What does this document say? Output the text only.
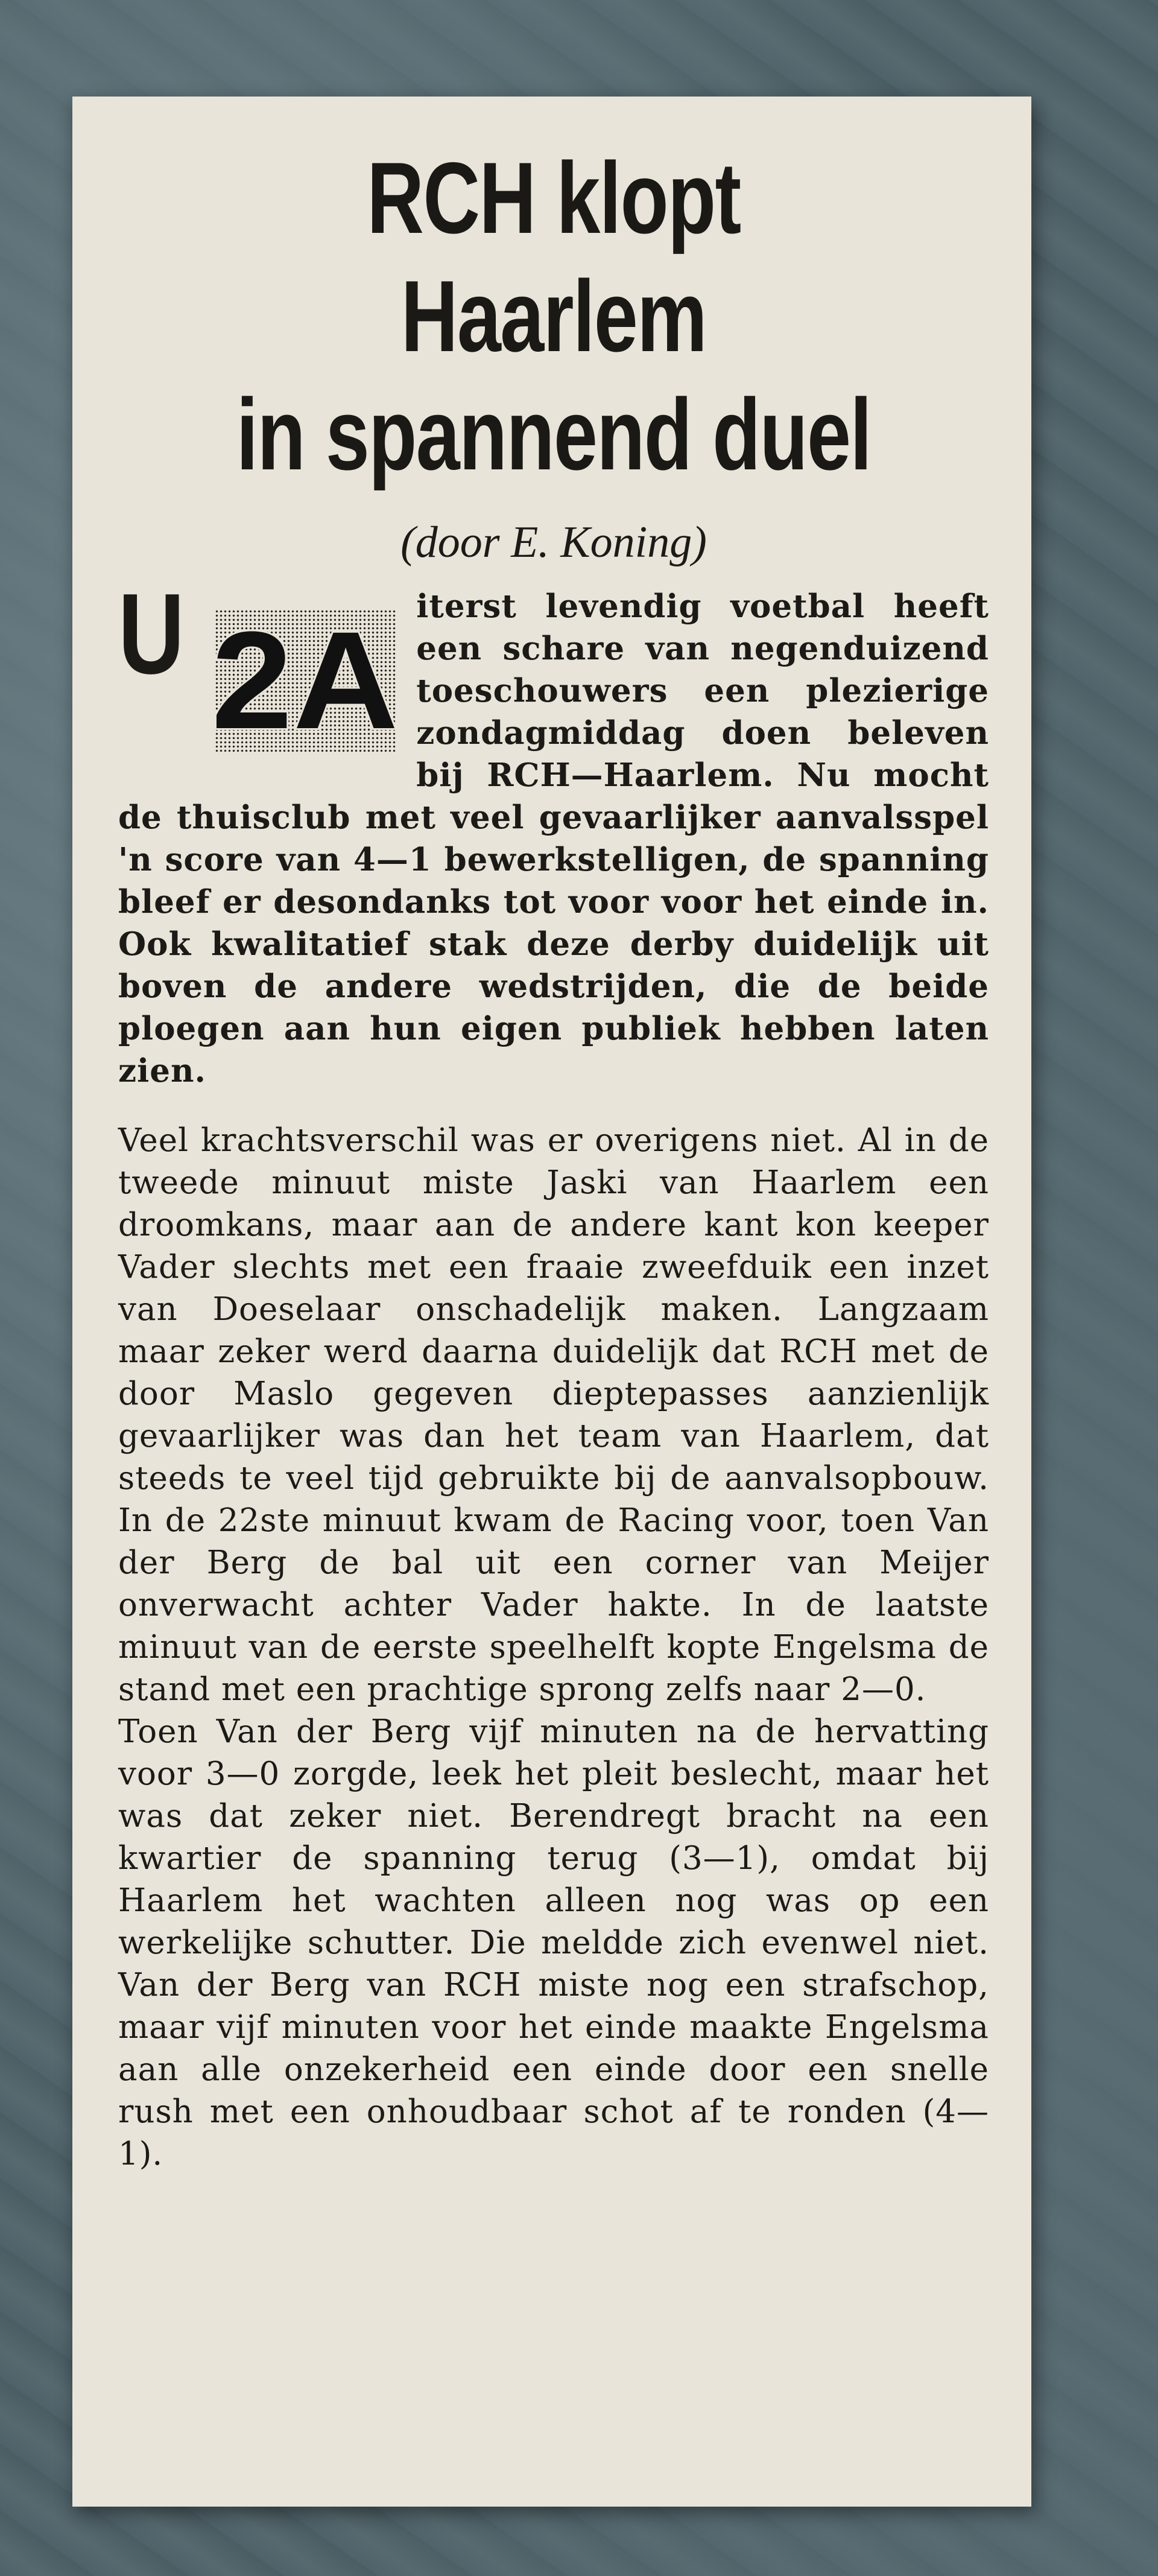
RCH klopt Haarlem
in spannend duel
(door E. Koning)

U 2A iterst levendig voetbal heeft een schare van negenduizend toeschouwers een plezierige zondagmiddag doen beleven bij RCH—Haarlem. Nu mocht de thuisclub met veel gevaarlijker aanvalsspel 'n score van 4—1 bewerkstelligen, de spanning bleef er desondanks tot voor voor het einde in. Ook kwalitatief stak deze derby duidelijk uit boven de andere wedstrijden, die de beide ploegen aan hun eigen publiek hebben laten zien.

Veel krachtsverschil was er overigens niet. Al in de tweede minuut miste Jaski van Haarlem een droomkans, maar aan de andere kant kon keeper Vader slechts met een fraaie zweefduik een inzet van Doeselaar onschadelijk maken. Langzaam maar zeker werd daarna duidelijk dat RCH met de door Maslo gegeven dieptepasses aanzienlijk gevaarlijker was dan het team van Haarlem, dat steeds te veel tijd gebruikte bij de aanvalsopbouw. In de 22ste minuut kwam de Racing voor, toen Van der Berg de bal uit een corner van Meijer onverwacht achter Vader hakte. In de laatste minuut van de eerste speelhelft kopte Engelsma de stand met een prachtige sprong zelfs naar 2—0.

Toen Van der Berg vijf minuten na de hervatting voor 3—0 zorgde, leek het pleit beslecht, maar het was dat zeker niet. Berendregt bracht na een kwartier de spanning terug (3—1), omdat bij Haarlem het wachten alleen nog was op een werkelijke schutter. Die meldde zich evenwel niet. Van der Berg van RCH miste nog een strafschop, maar vijf minuten voor het einde maakte Engelsma aan alle onzekerheid een einde door een snelle rush met een onhoudbaar schot af te ronden (4—1).
